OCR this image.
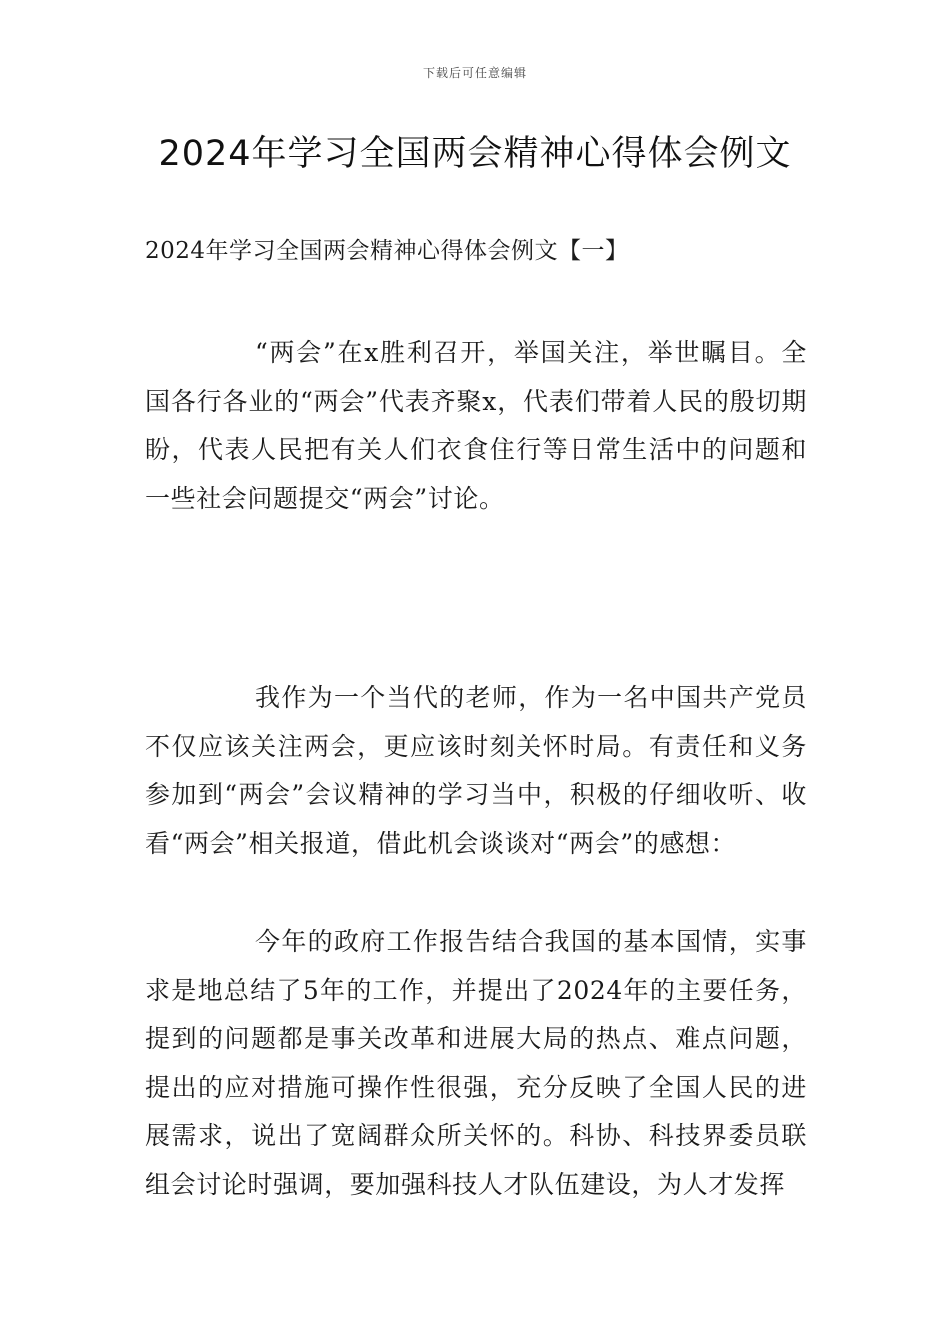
下载后可任意编辑
2024年学习全国两会精神心得体会例文
2024年学习全国两会精神心得体会例文【一】

“两会”在x胜利召开，举国关注，举世瞩目。全国各行各业的“两会”代表齐聚x，代表们带着人民的殷切期盼，代表人民把有关人们衣食住行等日常生活中的问题和一些社会问题提交“两会”讨论。

我作为一个当代的老师，作为一名中国共产党员不仅应该关注两会，更应该时刻关怀时局。有责任和义务参加到“两会”会议精神的学习当中，积极的仔细收听、收看“两会”相关报道，借此机会谈谈对“两会”的感想：

今年的政府工作报告结合我国的基本国情，实事求是地总结了5年的工作，并提出了2024年的主要任务，提到的问题都是事关改革和进展大局的热点、难点问题，提出的应对措施可操作性很强，充分反映了全国人民的进展需求，说出了宽阔群众所关怀的。科协、科技界委员联组会讨论时强调，要加强科技人才队伍建设，为人才发挥
